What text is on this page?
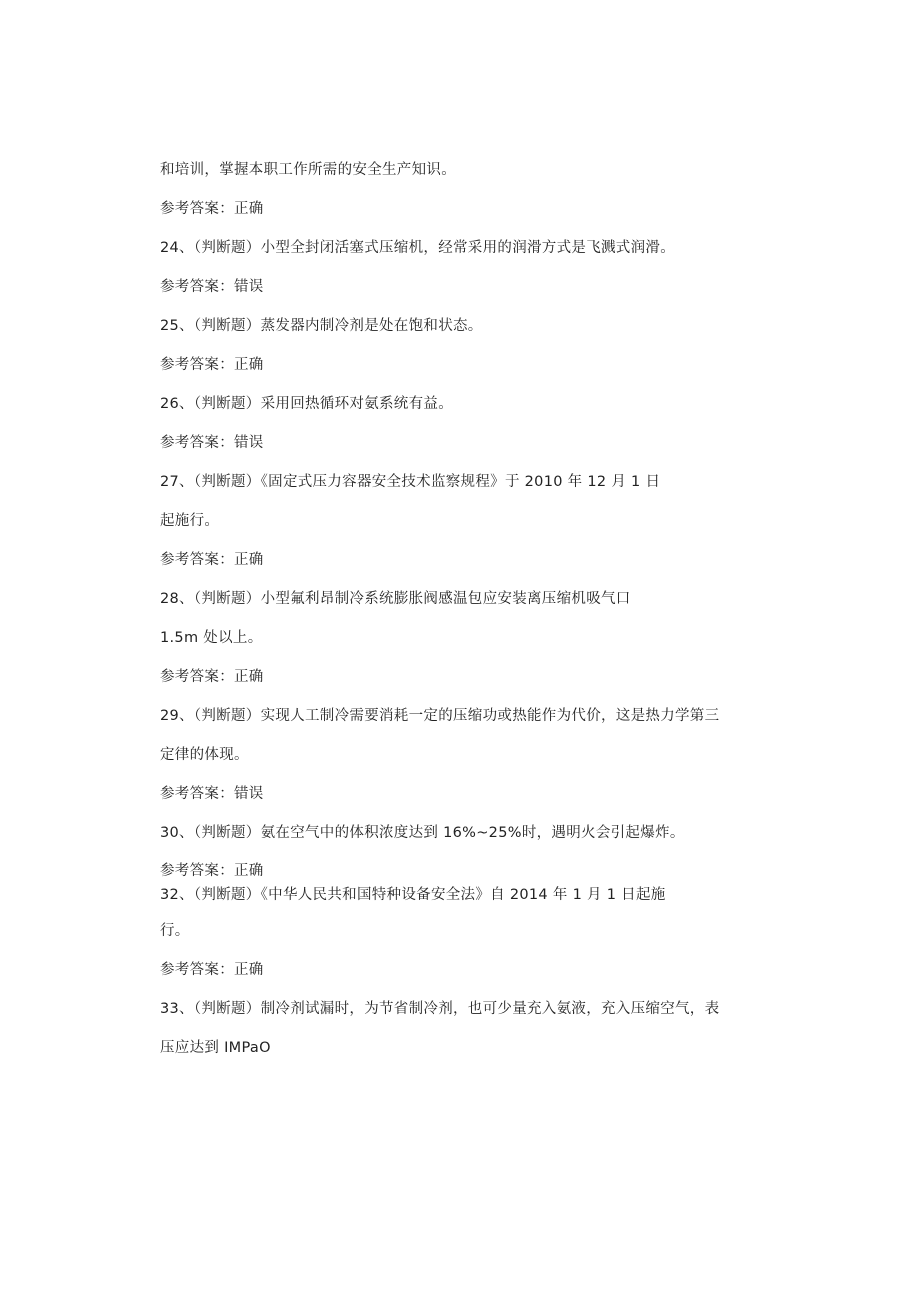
和培训，掌握本职工作所需的安全生产知识。

参考答案：正确

24、（判断题）小型全封闭活塞式压缩机，经常采用的润滑方式是飞溅式润滑。

参考答案：错误

25、（判断题）蒸发器内制冷剂是处在饱和状态。

参考答案：正确

26、（判断题）采用回热循环对氨系统有益。

参考答案：错误

27、（判断题）《固定式压力容器安全技术监察规程》于 2010 年 12 月 1 日

起施行。

参考答案：正确

28、（判断题）小型氟利昂制冷系统膨胀阀感温包应安装离压缩机吸气口

1.5m 处以上。

参考答案：正确

29、（判断题）实现人工制冷需要消耗一定的压缩功或热能作为代价，这是热力学第三

定律的体现。

参考答案：错误

30、（判断题）氨在空气中的体积浓度达到 16%~25%时，遇明火会引起爆炸。

参考答案：正确

32、（判断题）《中华人民共和国特种设备安全法》自 2014 年 1 月 1 日起施

行。

参考答案：正确

33、（判断题）制冷剂试漏时，为节省制冷剂，也可少量充入氨液，充入压缩空气，表

压应达到 IMPaO
